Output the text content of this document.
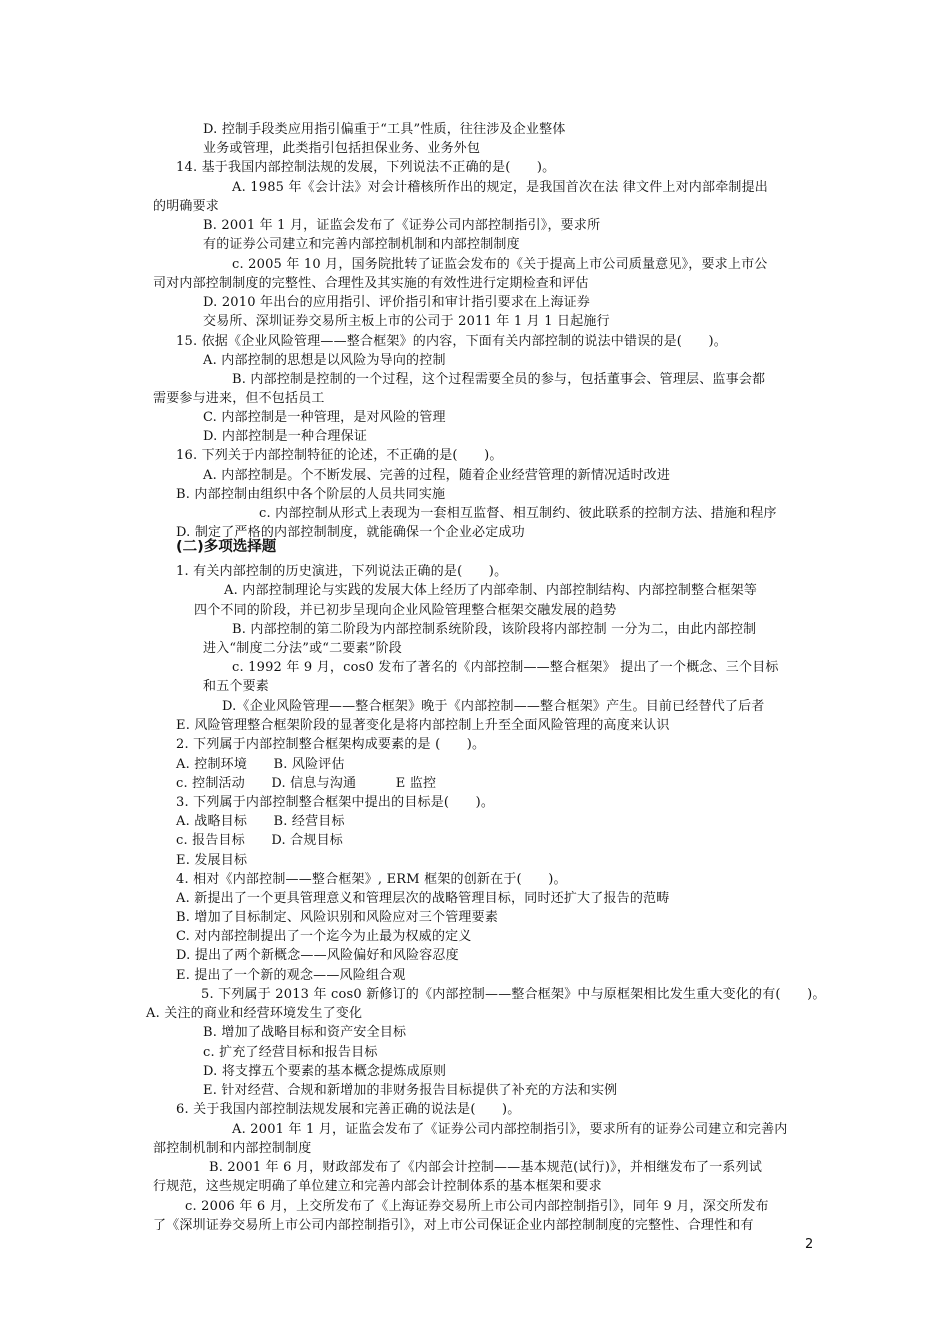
D. 控制手段类应用指引偏重于“工具”性质，往往涉及企业整体
业务或管理，此类指引包括担保业务、业务外包
14. 基于我国内部控制法规的发展，下列说法不正确的是(　　)。
A. 1985 年《会计法》对会计稽核所作出的规定，是我国首次在法 律文件上对内部牵制提出
的明确要求
B. 2001 年 1 月，证监会发布了《证券公司内部控制指引》，要求所
有的证券公司建立和完善内部控制机制和内部控制制度
c. 2005 年 10 月，国务院批转了证监会发布的《关于提高上市公司质量意见》，要求上市公
司对内部控制制度的完整性、合理性及其实施的有效性进行定期检查和评估
D. 2010 年出台的应用指引、评价指引和审计指引要求在上海证券
交易所、深圳证券交易所主板上市的公司于 2011 年 1 月 1 日起施行
15. 依据《企业风险管理——整合框架》的内容，下面有关内部控制的说法中错误的是(　　)。
A. 内部控制的思想是以风险为导向的控制
B. 内部控制是控制的一个过程，这个过程需要全员的参与，包括董事会、管理层、监事会都
需要参与进来，但不包括员工
C. 内部控制是一种管理，是对风险的管理
D. 内部控制是一种合理保证
16. 下列关于内部控制特征的论述，不正确的是(　　)。
A. 内部控制是。个不断发展、完善的过程，随着企业经营管理的新情况适时改进
B. 内部控制由组织中各个阶层的人员共同实施
c. 内部控制从形式上表现为一套相互监督、相互制约、彼此联系的控制方法、措施和程序
D. 制定了严格的内部控制制度，就能确保一个企业必定成功
1. 有关内部控制的历史演进，下列说法正确的是(　　)。
A. 内部控制理论与实践的发展大体上经历了内部牵制、内部控制结构、内部控制整合框架等
四个不同的阶段，并已初步呈现向企业风险管理整合框架交融发展的趋势
B. 内部控制的第二阶段为内部控制系统阶段，该阶段将内部控制 一分为二，由此内部控制
进入“制度二分法”或“二要素”阶段
c. 1992 年 9 月，cos0 发布了著名的《内部控制——整合框架》 提出了一个概念、三个目标
和五个要素
D.《企业风险管理——整合框架》晚于《内部控制——整合框架》产生。目前已经替代了后者
E. 风险管理整合框架阶段的显著变化是将内部控制上升至全面风险管理的高度来认识
2. 下列属于内部控制整合框架构成要素的是 (　　)。
A. 控制环境　　B. 风险评估
c. 控制活动　　D. 信息与沟通　　　E 监控
3. 下列属于内部控制整合框架中提出的目标是(　　)。
A. 战略目标　　B. 经营目标
c. 报告目标　　D. 合规目标
E. 发展目标
4. 相对《内部控制——整合框架》, ERM 框架的创新在于(　　)。
A. 新提出了一个更具管理意义和管理层次的战略管理目标，同时还扩大了报告的范畴
B. 增加了目标制定、风险识别和风险应对三个管理要素
C. 对内部控制提出了一个迄今为止最为权威的定义
D. 提出了两个新概念——风险偏好和风险容忍度
E. 提出了一个新的观念——风险组合观
5. 下列属于 2013 年 cos0 新修订的《内部控制——整合框架》中与原框架相比发生重大变化的有(　　)。
A. 关注的商业和经营环境发生了变化
B. 增加了战略目标和资产安全目标
c. 扩充了经营目标和报告目标
D. 将支撑五个要素的基本概念提炼成原则
E. 针对经营、合规和新增加的非财务报告目标提供了补充的方法和实例
6. 关于我国内部控制法规发展和完善正确的说法是(　　)。
A. 2001 年 1 月，证监会发布了《证券公司内部控制指引》，要求所有的证券公司建立和完善内
部控制机制和内部控制制度
B. 2001 年 6 月，财政部发布了《内部会计控制——基本规范(试行)》，并相继发布了一系列试
行规范，这些规定明确了单位建立和完善内部会计控制体系的基本框架和要求
c. 2006 年 6 月，上交所发布了《上海证券交易所上市公司内部控制指引》，同年 9 月，深交所发布
了《深圳证券交易所上市公司内部控制指引》，对上市公司保证企业内部控制制度的完整性、合理性和有
(二)多项选择题
2
